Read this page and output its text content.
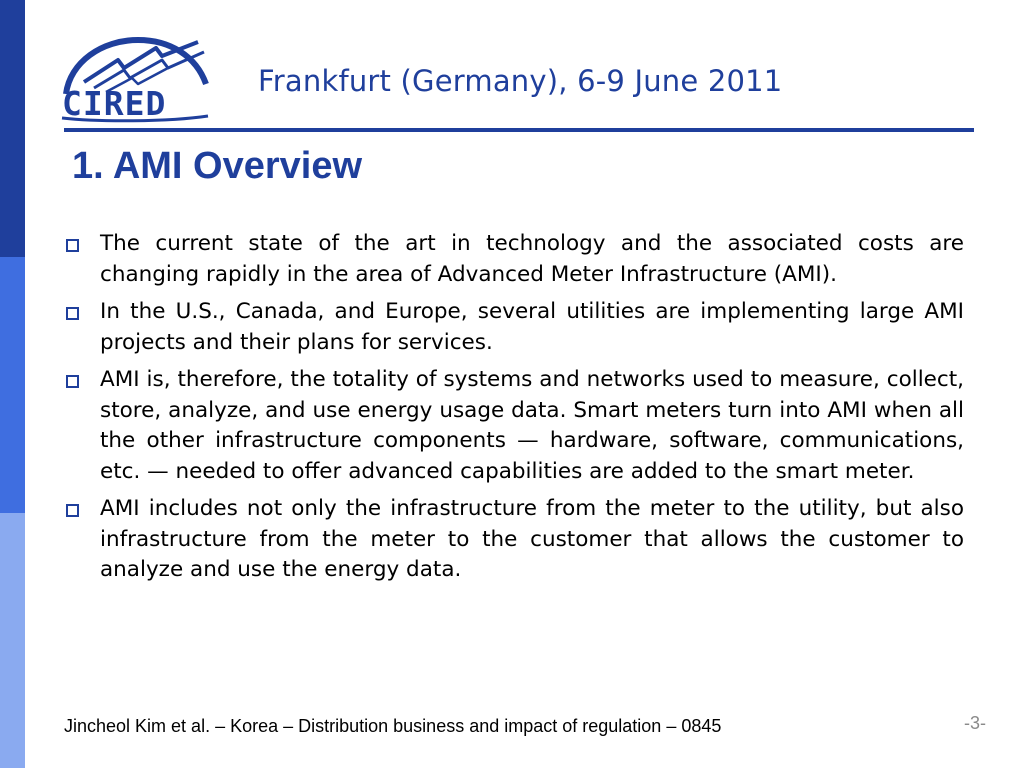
CIRED
Frankfurt (Germany), 6-9 June 2011
1. AMI Overview
The current state of the art in technology and the associated costs are changing rapidly in the area of Advanced Meter Infrastructure (AMI).
In the U.S., Canada, and Europe, several utilities are implementing large AMI projects and their plans for services.
AMI is, therefore, the totality of systems and networks used to measure, collect, store, analyze, and use energy usage data. Smart meters turn into AMI when all the other infrastructure components — hardware, software, communications, etc. — needed to offer advanced capabilities are added to the smart meter.
AMI includes not only the infrastructure from the meter to the utility, but also infrastructure from the meter to the customer that allows the customer to analyze and use the energy data.
Jincheol Kim et al. – Korea – Distribution business and impact of regulation – 0845	-3-
